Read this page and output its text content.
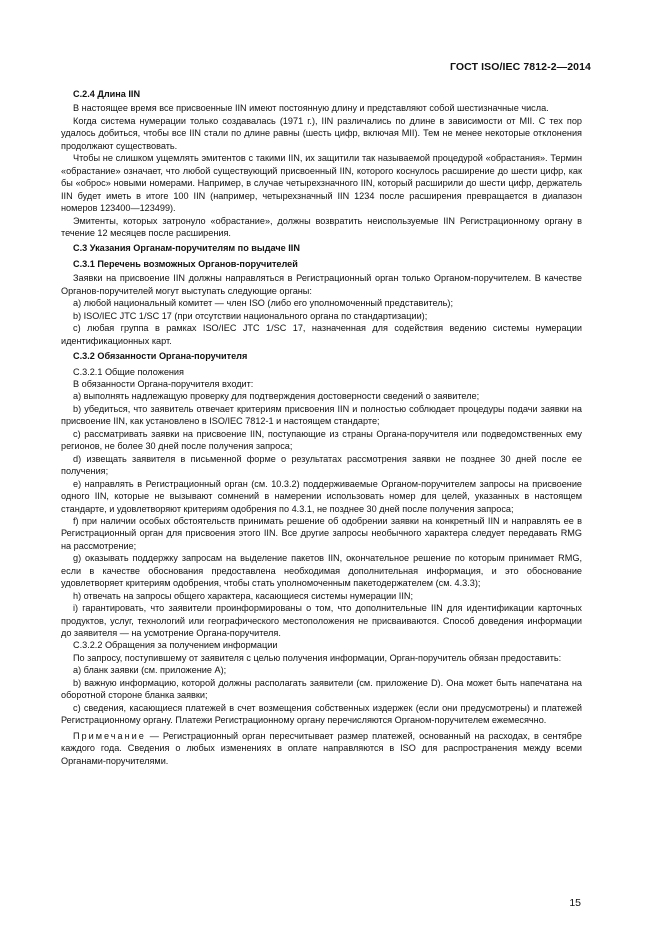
ГОСТ ISO/IEC 7812-2—2014

С.2.4 Длина IIN

В настоящее время все присвоенные IIN имеют постоянную длину и представляют собой шестизначные числа.

Когда система нумерации только создавалась (1971 г.), IIN различались по длине в зависимости от MII. С тех пор удалось добиться, чтобы все IIN стали по длине равны (шесть цифр, включая MII). Тем не менее некоторые отклонения продолжают существовать.

Чтобы не слишком ущемлять эмитентов с такими IIN, их защитили так называемой процедурой «обрастания». Термин «обрастание» означает, что любой существующий присвоенный IIN, которого коснулось расширение до шести цифр, как бы «оброс» новыми номерами. Например, в случае четырехзначного IIN, который расширили до шести цифр, держатель IIN будет иметь в итоге 100 IIN (например, четырехзначный IIN 1234 после расширения превращается в диапазон номеров 123400—123499).

Эмитенты, которых затронуло «обрастание», должны возвратить неиспользуемые IIN Регистрационному органу в течение 12 месяцев после расширения.

С.3 Указания Органам-поручителям по выдаче IIN

С.3.1 Перечень возможных Органов-поручителей

Заявки на присвоение IIN должны направляться в Регистрационный орган только Органом-поручителем. В качестве Органов-поручителей могут выступать следующие органы:

a) любой национальный комитет — член ISO (либо его уполномоченный представитель);

b) ISO/IEC JTC 1/SC 17 (при отсутствии национального органа по стандартизации);

c) любая группа в рамках ISO/IEC JTC 1/SC 17, назначенная для содействия ведению системы нумерации идентификационных карт.

С.3.2 Обязанности Органа-поручителя

С.3.2.1 Общие положения

В обязанности Органа-поручителя входит:

a) выполнять надлежащую проверку для подтверждения достоверности сведений о заявителе;

b) убедиться, что заявитель отвечает критериям присвоения IIN и полностью соблюдает процедуры подачи заявки на присвоение IIN, как установлено в ISO/IEC 7812-1 и настоящем стандарте;

c) рассматривать заявки на присвоение IIN, поступающие из страны Органа-поручителя или подведомственных ему регионов, не более 30 дней после получения запроса;

d) извещать заявителя в письменной форме о результатах рассмотрения заявки не позднее 30 дней после ее получения;

e) направлять в Регистрационный орган (см. 10.3.2) поддерживаемые Органом-поручителем запросы на присвоение одного IIN, которые не вызывают сомнений в намерении использовать номер для целей, указанных в настоящем стандарте, и удовлетворяют критериям одобрения по 4.3.1, не позднее 30 дней после получения запроса;

f) при наличии особых обстоятельств принимать решение об одобрении заявки на конкретный IIN и направлять ее в Регистрационный орган для присвоения этого IIN. Все другие запросы необычного характера следует передавать RMG на рассмотрение;

g) оказывать поддержку запросам на выделение пакетов IIN, окончательное решение по которым принимает RMG, если в качестве обоснования предоставлена необходимая дополнительная информация, и это обоснование удовлетворяет критериям одобрения, чтобы стать уполномоченным пакетодержателем (см. 4.3.3);

h) отвечать на запросы общего характера, касающиеся системы нумерации IIN;

i) гарантировать, что заявители проинформированы о том, что дополнительные IIN для идентификации карточных продуктов, услуг, технологий или географического местоположения не присваиваются. Способ доведения информации до заявителя — на усмотрение Органа-поручителя.

С.3.2.2 Обращения за получением информации

По запросу, поступившему от заявителя с целью получения информации, Орган-поручитель обязан предоставить:

a) бланк заявки (см. приложение А);

b) важную информацию, которой должны располагать заявители (см. приложение D). Она может быть напечатана на оборотной стороне бланка заявки;

c) сведения, касающиеся платежей в счет возмещения собственных издержек (если они предусмотрены) и платежей Регистрационному органу. Платежи Регистрационному органу перечисляются Органом-поручителем ежемесячно.

Примечание — Регистрационный орган пересчитывает размер платежей, основанный на расходах, в сентябре каждого года. Сведения о любых изменениях в оплате направляются в ISO для распространения между всеми Органами-поручителями.

15
